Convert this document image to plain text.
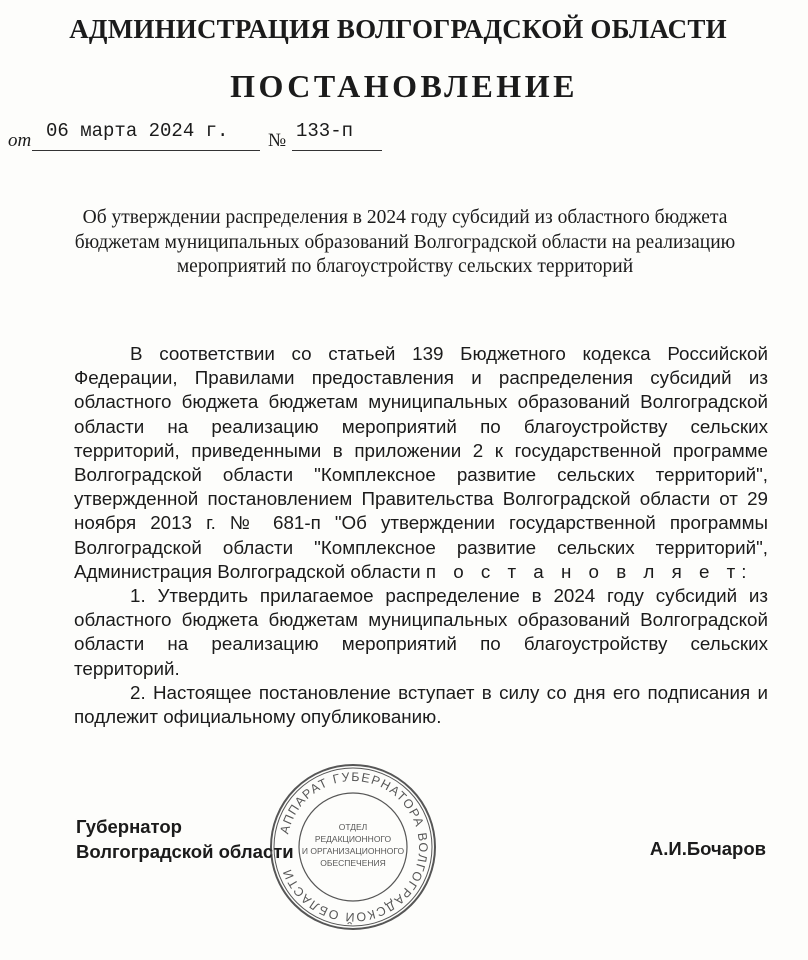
АДМИНИСТРАЦИЯ ВОЛГОГРАДСКОЙ ОБЛАСТИ
ПОСТАНОВЛЕНИЕ
от 06 марта 2024 г. № 133-п
Об утверждении распределения в 2024 году субсидий из областного бюджета бюджетам муниципальных образований Волгоградской области на реализацию мероприятий по благоустройству сельских территорий

В соответствии со статьей 139 Бюджетного кодекса Российской Федерации, Правилами предоставления и распределения субсидий из областного бюджета бюджетам муниципальных образований Волгоградской области на реализацию мероприятий по благоустройству сельских территорий, приведенными в приложении 2 к государственной программе Волгоградской области "Комплексное развитие сельских территорий", утвержденной постановлением Правительства Волгоградской области от 29 ноября 2013 г. № 681-п "Об утверждении государственной программы Волгоградской области "Комплексное развитие сельских территорий", Администрация Волгоградской области п о с т а н о в л я е т:

1. Утвердить прилагаемое распределение в 2024 году субсидий из областного бюджета бюджетам муниципальных образований Волгоградской области на реализацию мероприятий по благоустройству сельских территорий.

2. Настоящее постановление вступает в силу со дня его подписания и подлежит официальному опубликованию.

Губернатор
Волгоградской области	А.И.Бочаров
АППАРАТ ГУБЕРНАТОРА ВОЛГОГРАДСКОЙ ОБЛАСТИ
ОТДЕЛ
РЕДАКЦИОННОГО
И ОРГАНИЗАЦИОННОГО
ОБЕСПЕЧЕНИЯ
